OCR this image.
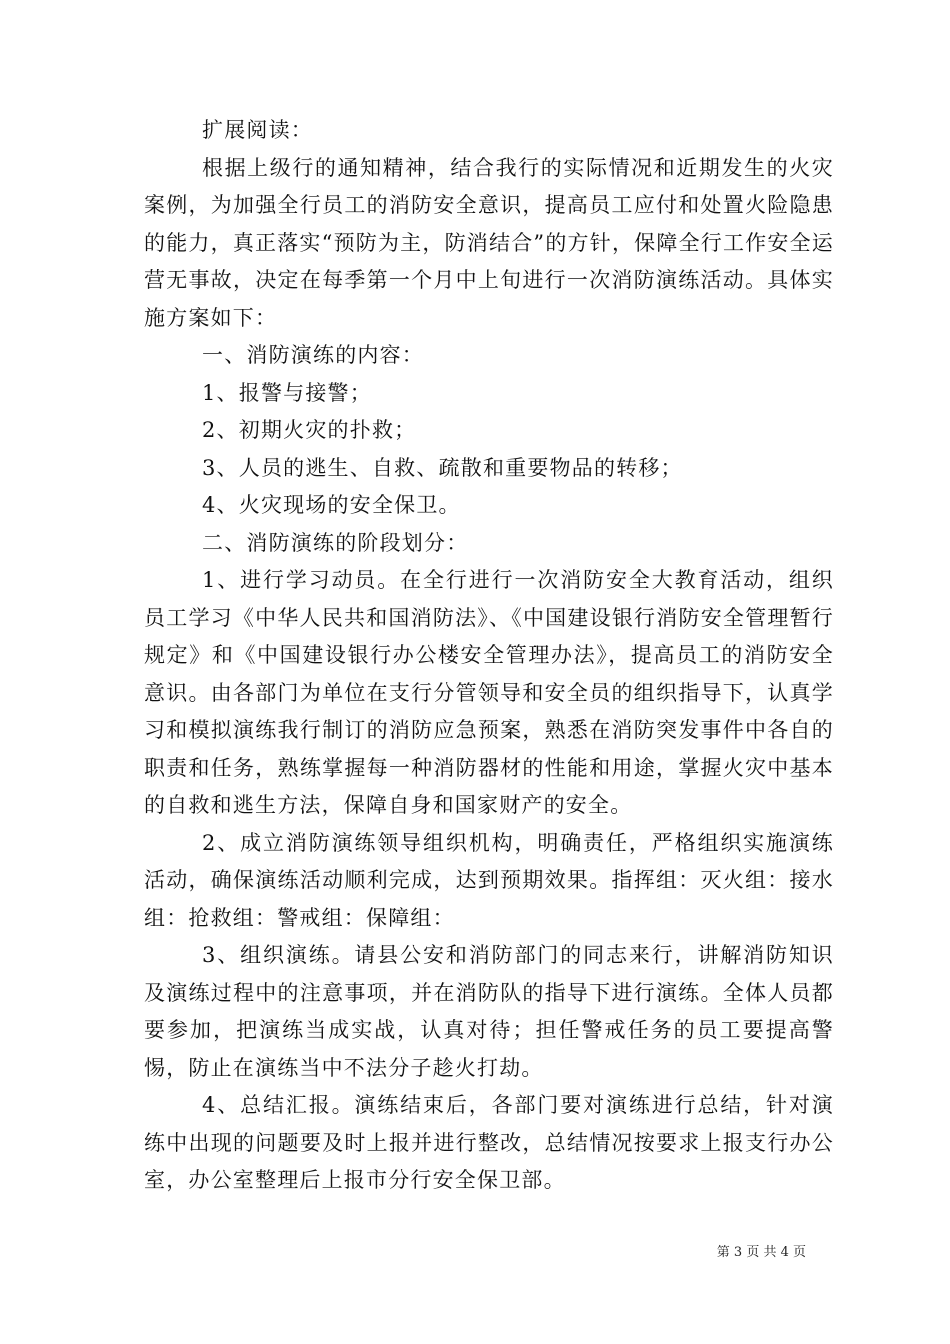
扩展阅读：

根据上级行的通知精神，结合我行的实际情况和近期发生的火灾案例，为加强全行员工的消防安全意识，提高员工应付和处置火险隐患的能力，真正落实“预防为主，防消结合”的方针，保障全行工作安全运营无事故，决定在每季第一个月中上旬进行一次消防演练活动。具体实施方案如下：

一、消防演练的内容：

1、报警与接警；

2、初期火灾的扑救；

3、人员的逃生、自救、疏散和重要物品的转移；

4、火灾现场的安全保卫。

二、消防演练的阶段划分：

1、进行学习动员。在全行进行一次消防安全大教育活动，组织员工学习《中华人民共和国消防法》、《中国建设银行消防安全管理暂行规定》和《中国建设银行办公楼安全管理办法》，提高员工的消防安全意识。由各部门为单位在支行分管领导和安全员的组织指导下，认真学习和模拟演练我行制订的消防应急预案，熟悉在消防突发事件中各自的职责和任务，熟练掌握每一种消防器材的性能和用途，掌握火灾中基本的自救和逃生方法，保障自身和国家财产的安全。

2、成立消防演练领导组织机构，明确责任，严格组织实施演练活动，确保演练活动顺利完成，达到预期效果。指挥组：灭火组：接水组：抢救组：警戒组：保障组：

3、组织演练。请县公安和消防部门的同志来行，讲解消防知识及演练过程中的注意事项，并在消防队的指导下进行演练。全体人员都要参加，把演练当成实战，认真对待；担任警戒任务的员工要提高警惕，防止在演练当中不法分子趁火打劫。

4、总结汇报。演练结束后，各部门要对演练进行总结，针对演练中出现的问题要及时上报并进行整改，总结情况按要求上报支行办公室，办公室整理后上报市分行安全保卫部。

第 3 页 共 4 页
